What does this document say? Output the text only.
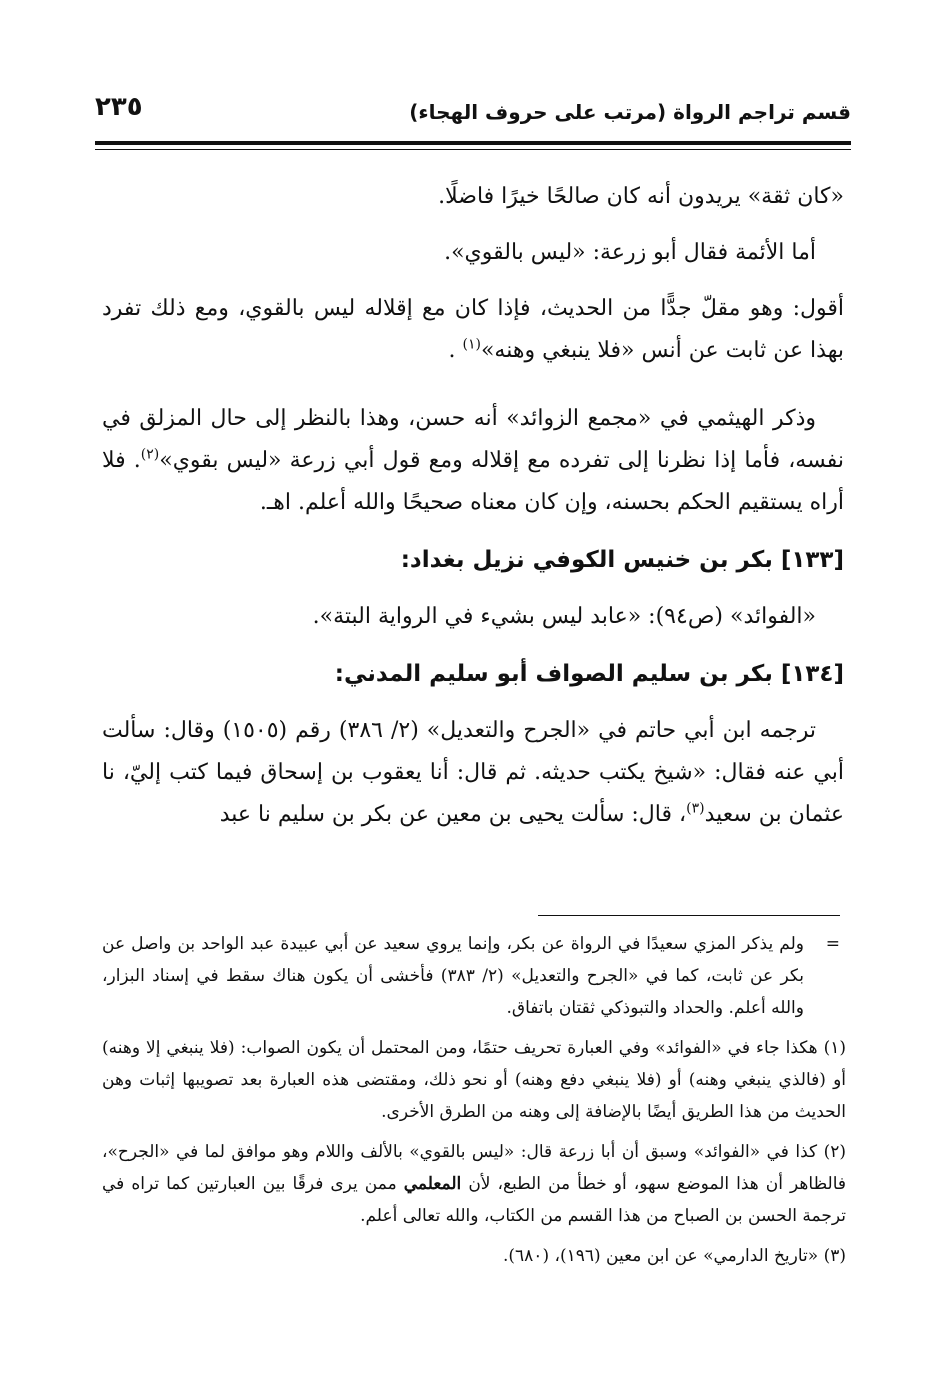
قسم تراجم الرواة (مرتب على حروف الهجاء)
٢٣٥

«كان ثقة» يريدون أنه كان صالحًا خيرًا فاضلًا.

أما الأئمة فقال أبو زرعة: «ليس بالقوي».

أقول: وهو مقلّ جدًّا من الحديث، فإذا كان مع إقلاله ليس بالقوي، ومع ذلك تفرد بهذا عن ثابت عن أنس «فلا ينبغي وهنه»$^{(١)}$ .

وذكر الهيثمي في «مجمع الزوائد» أنه حسن، وهذا بالنظر إلى حال المزلق في نفسه، فأما إذا نظرنا إلى تفرده مع إقلاله ومع قول أبي زرعة «ليس بقوي»$^{(٢)}$. فلا أراه يستقيم الحكم بحسنه، وإن كان معناه صحيحًا والله أعلم. اهـ.

[١٣٣] بكر بن خنيس الكوفي نزيل بغداد:

«الفوائد» (ص٩٤): «عابد ليس بشيء في الرواية البتة».

[١٣٤] بكر بن سليم الصواف أبو سليم المدني:

ترجمه ابن أبي حاتم في «الجرح والتعديل» (٢/ ٣٨٦) رقم (١٥٠٥) وقال: سألت أبي عنه فقال: «شيخ يكتب حديثه. ثم قال: أنا يعقوب بن إسحاق فيما كتب إليّ، نا عثمان بن سعيد$^{(٣)}$، قال: سألت يحيى بن معين عن بكر بن سليم نا عبد

=
ولم يذكر المزي سعيدًا في الرواة عن بكر، وإنما يروي سعيد عن أبي عبيدة عبد الواحد بن واصل عن بكر عن ثابت، كما في «الجرح والتعديل» (٢/ ٣٨٣) فأخشى أن يكون هناك سقط في إسناد البزار، والله أعلم. والحداد والتبوذكي ثقتان باتفاق.

(١) هكذا جاء في «الفوائد» وفي العبارة تحريف حتمًا، ومن المحتمل أن يكون الصواب: (فلا ينبغي إلا وهنه) أو (فالذي ينبغي وهنه) أو (فلا ينبغي دفع وهنه) أو نحو ذلك، ومقتضى هذه العبارة بعد تصويبها إثبات وهن الحديث من هذا الطريق أيضًا بالإضافة إلى وهنه من الطرق الأخرى.

(٢) كذا في «الفوائد» وسبق أن أبا زرعة قال: «ليس بالقوي» بالألف واللام وهو موافق لما في «الجرح»، فالظاهر أن هذا الموضع سهو، أو خطأ من الطبع، لأن المعلمي ممن يرى فرقًا بين العبارتين كما تراه في ترجمة الحسن بن الصباح من هذا القسم من الكتاب، والله تعالى أعلم.

(٣) «تاريخ الدارمي» عن ابن معين (١٩٦)، (٦٨٠).
